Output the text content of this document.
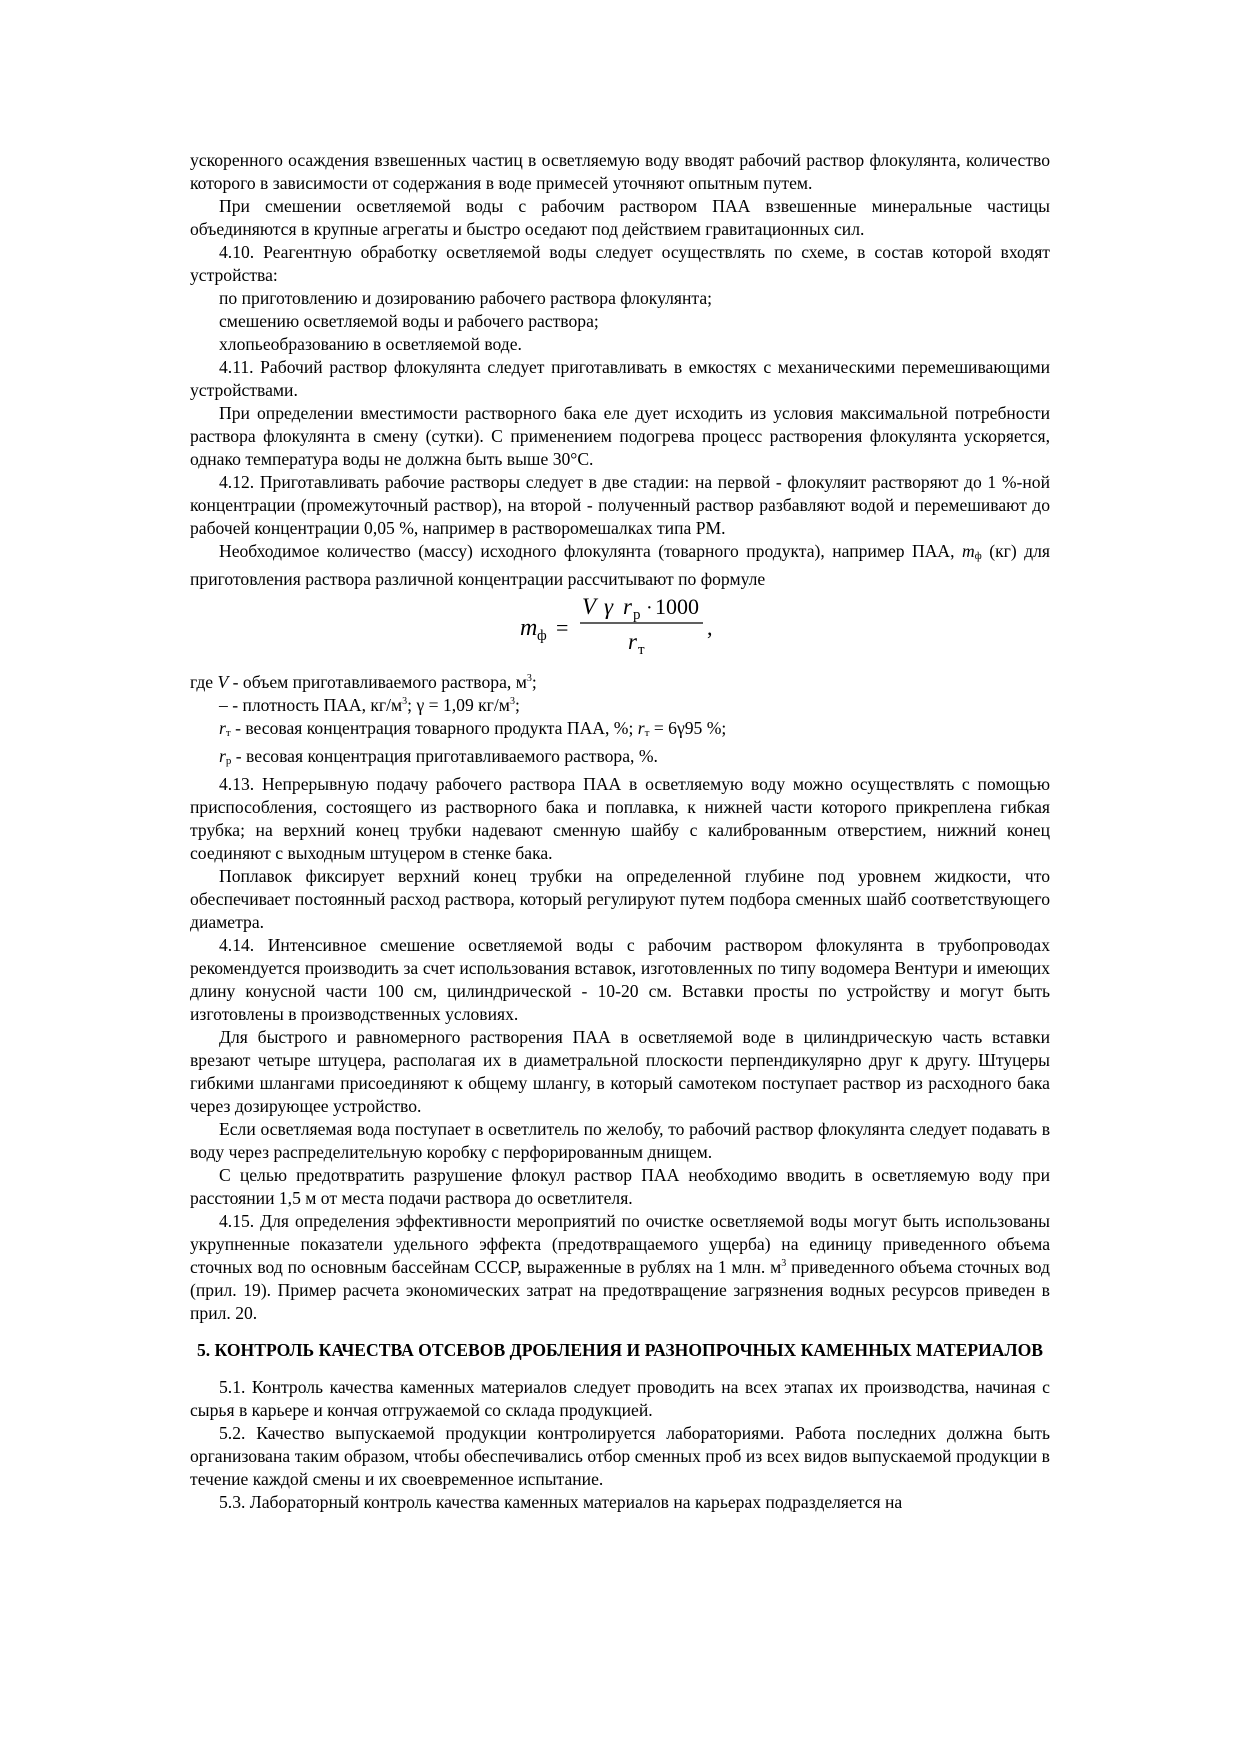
ускоренного осаждения взвешенных частиц в осветляемую воду вводят рабочий раствор флокулянта, количество которого в зависимости от содержания в воде примесей уточняют опытным путем.

При смешении осветляемой воды с рабочим раствором ПАА взвешенные минеральные частицы объединяются в крупные агрегаты и быстро оседают под действием гравитационных сил.

4.10. Реагентную обработку осветляемой воды следует осуществлять по схеме, в состав которой входят устройства:

по приготовлению и дозированию рабочего раствора флокулянта;

смешению осветляемой воды и рабочего раствора;

хлопьеобразованию в осветляемой воде.

4.11. Рабочий раствор флокулянта следует приготавливать в емкостях с механическими перемешивающими устройствами.

При определении вместимости растворного бака еле дует исходить из условия максимальной потребности раствора флокулянта в смену (сутки). С применением подогрева процесс растворения флокулянта ускоряется, однако температура воды не должна быть выше 30°С.

4.12. Приготавливать рабочие растворы следует в две стадии: на первой - флокуляит растворяют до 1 %-ной концентрации (промежуточный раствор), на второй - полученный раствор разбавляют водой и перемешивают до рабочей концентрации 0,05 %, например в растворомешалках типа РМ.

Необходимое количество (массу) исходного флокулянта (товарного продукта), например ПАА, mф (кг) для приготовления раствора различной концентрации рассчитывают по формуле

m ф =
V γ r р · 1000
r т
,

где V - объем приготавливаемого раствора, $м^3$;

– - плотность ПАА, $кг/м^3$; γ = 1,09 $кг/м^3$;

rт - весовая концентрация товарного продукта ПАА, %; rт = 6γ95 %;

rр - весовая концентрация приготавливаемого раствора, %.

4.13. Непрерывную подачу рабочего раствора ПАА в осветляемую воду можно осуществлять с помощью приспособления, состоящего из растворного бака и поплавка, к нижней части которого прикреплена гибкая трубка; на верхний конец трубки надевают сменную шайбу с калиброванным отверстием, нижний конец соединяют с выходным штуцером в стенке бака.

Поплавок фиксирует верхний конец трубки на определенной глубине под уровнем жидкости, что обеспечивает постоянный расход раствора, который регулируют путем подбора сменных шайб соответствующего диаметра.

4.14. Интенсивное смешение осветляемой воды с рабочим раствором флокулянта в трубопроводах рекомендуется производить за счет использования вставок, изготовленных по типу водомера Вентури и имеющих длину конусной части 100 см, цилиндрической - 10-20 см. Вставки просты по устройству и могут быть изготовлены в производственных условиях.

Для быстрого и равномерного растворения ПАА в осветляемой воде в цилиндрическую часть вставки врезают четыре штуцера, располагая их в диаметральной плоскости перпендикулярно друг к другу. Штуцеры гибкими шлангами присоединяют к общему шлангу, в который самотеком поступает раствор из расходного бака через дозирующее устройство.

Если осветляемая вода поступает в осветлитель по желобу, то рабочий раствор флокулянта следует подавать в воду через распределительную коробку с перфорированным днищем.

С целью предотвратить разрушение флокул раствор ПАА необходимо вводить в осветляемую воду при расстоянии 1,5 м от места подачи раствора до осветлителя.

4.15. Для определения эффективности мероприятий по очистке осветляемой воды могут быть использованы укрупненные показатели удельного эффекта (предотвращаемого ущерба) на единицу приведенного объема сточных вод по основным бассейнам СССР, выраженные в рублях на 1 млн. $м^3$ приведенного объема сточных вод (прил. 19). Пример расчета экономических затрат на предотвращение загрязнения водных ресурсов приведен в прил. 20.

5. КОНТРОЛЬ КАЧЕСТВА ОТСЕВОВ ДРОБЛЕНИЯ И РАЗНОПРОЧНЫХ КАМЕННЫХ МАТЕРИАЛОВ

5.1. Контроль качества каменных материалов следует проводить на всех этапах их производства, начиная с сырья в карьере и кончая отгружаемой со склада продукцией.

5.2. Качество выпускаемой продукции контролируется лабораториями. Работа последних должна быть организована таким образом, чтобы обеспечивались отбор сменных проб из всех видов выпускаемой продукции в течение каждой смены и их своевременное испытание.

5.3. Лабораторный контроль качества каменных материалов на карьерах подразделяется на
